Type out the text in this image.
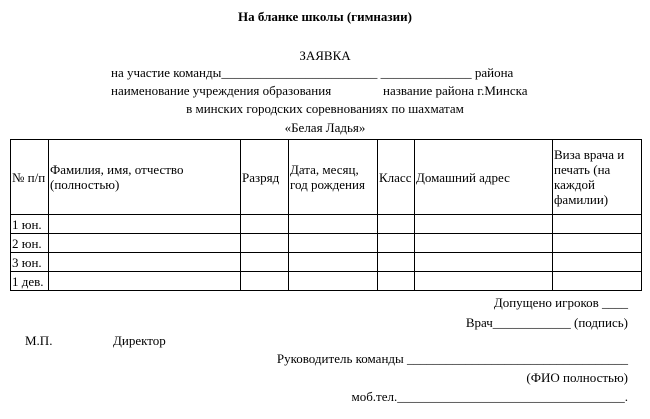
На бланке школы (гимназии)
ЗАЯВКА
на участие команды________________________ ______________ района
наименование учреждения образования	название района г.Минска
в минских городских соревнованиях по шахматам
«Белая Ладья»
№ п/п	Фамилия, имя, отчество (полностью)	Разряд	Дата, месяц, год рождения	Класс	Домашний адрес	Виза врача и печать (на каждой фамилии)
1 юн.						
2 юн.						
3 юн.						
1 дев.						
Допущено игроков ____
Врач____________ (подпись)
М.П.	Директор
Руководитель команды __________________________________
(ФИО полностью)
моб.тел.___________________________________.
